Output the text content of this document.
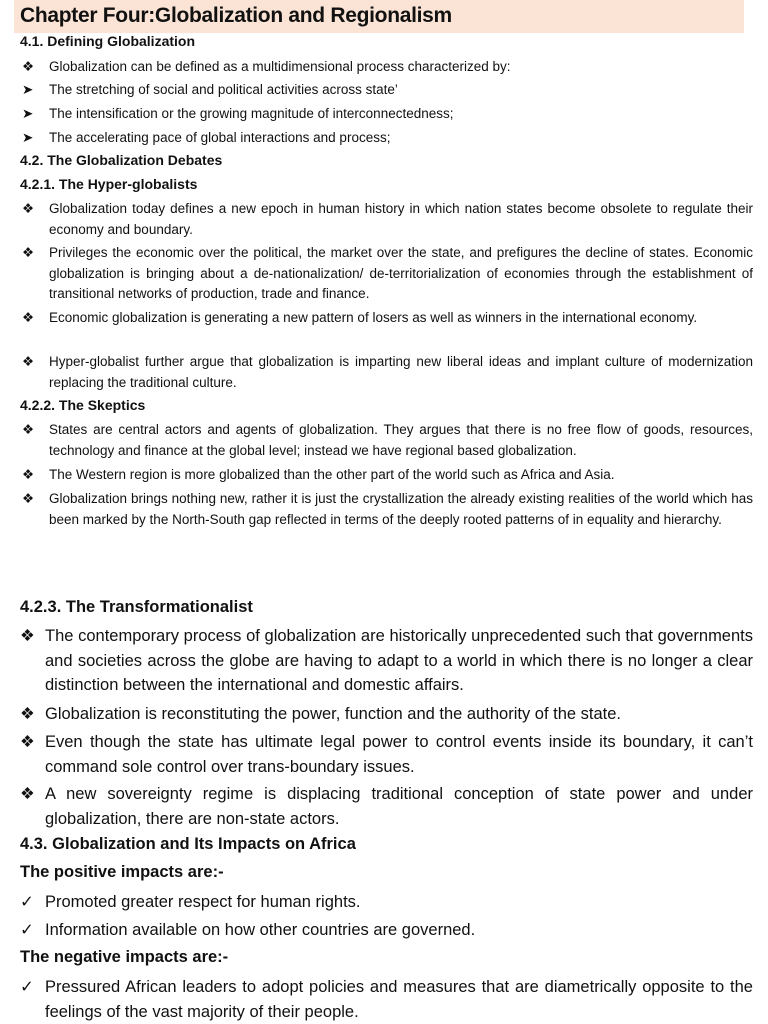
Chapter Four:Globalization and Regionalism
4.1. Defining Globalization
❖ Globalization can be defined as a multidimensional process characterized by:
➤ The stretching of social and political activities across state’
➤ The intensification or the growing magnitude of interconnectedness;
➤ The accelerating pace of global interactions and process;
4.2. The Globalization Debates
4.2.1. The Hyper-globalists
❖ Globalization today defines a new epoch in human history in which nation states become obsolete to regulate their economy and boundary.
❖ Privileges the economic over the political, the market over the state, and prefigures the decline of states. Economic globalization is bringing about a de-nationalization/ de-territorialization of economies through the establishment of transitional networks of production, trade and finance.
❖ Economic globalization is generating a new pattern of losers as well as winners in the international economy.
❖ Hyper-globalist further argue that globalization is imparting new liberal ideas and implant culture of modernization replacing the traditional culture.
4.2.2. The Skeptics
❖ States are central actors and agents of globalization. They argues that there is no free flow of goods, resources, technology and finance at the global level; instead we have regional based globalization.
❖ The Western region is more globalized than the other part of the world such as Africa and Asia.
❖ Globalization brings nothing new, rather it is just the crystallization the already existing realities of the world which has been marked by the North-South gap reflected in terms of the deeply rooted patterns of in equality and hierarchy.
4.2.3. The Transformationalist
❖ The contemporary process of globalization are historically unprecedented such that governments and societies across the globe are having to adapt to a world in which there is no longer a clear distinction between the international and domestic affairs.
❖ Globalization is reconstituting the power, function and the authority of the state.
❖ Even though the state has ultimate legal power to control events inside its boundary, it can’t command sole control over trans-boundary issues.
❖ A new sovereignty regime is displacing traditional conception of state power and under globalization, there are non-state actors.
4.3. Globalization and Its Impacts on Africa
The positive impacts are:-
✓ Promoted greater respect for human rights.
✓ Information available on how other countries are governed.
The negative impacts are:-
✓ Pressured African leaders to adopt policies and measures that are diametrically opposite to the feelings of the vast majority of their people.
